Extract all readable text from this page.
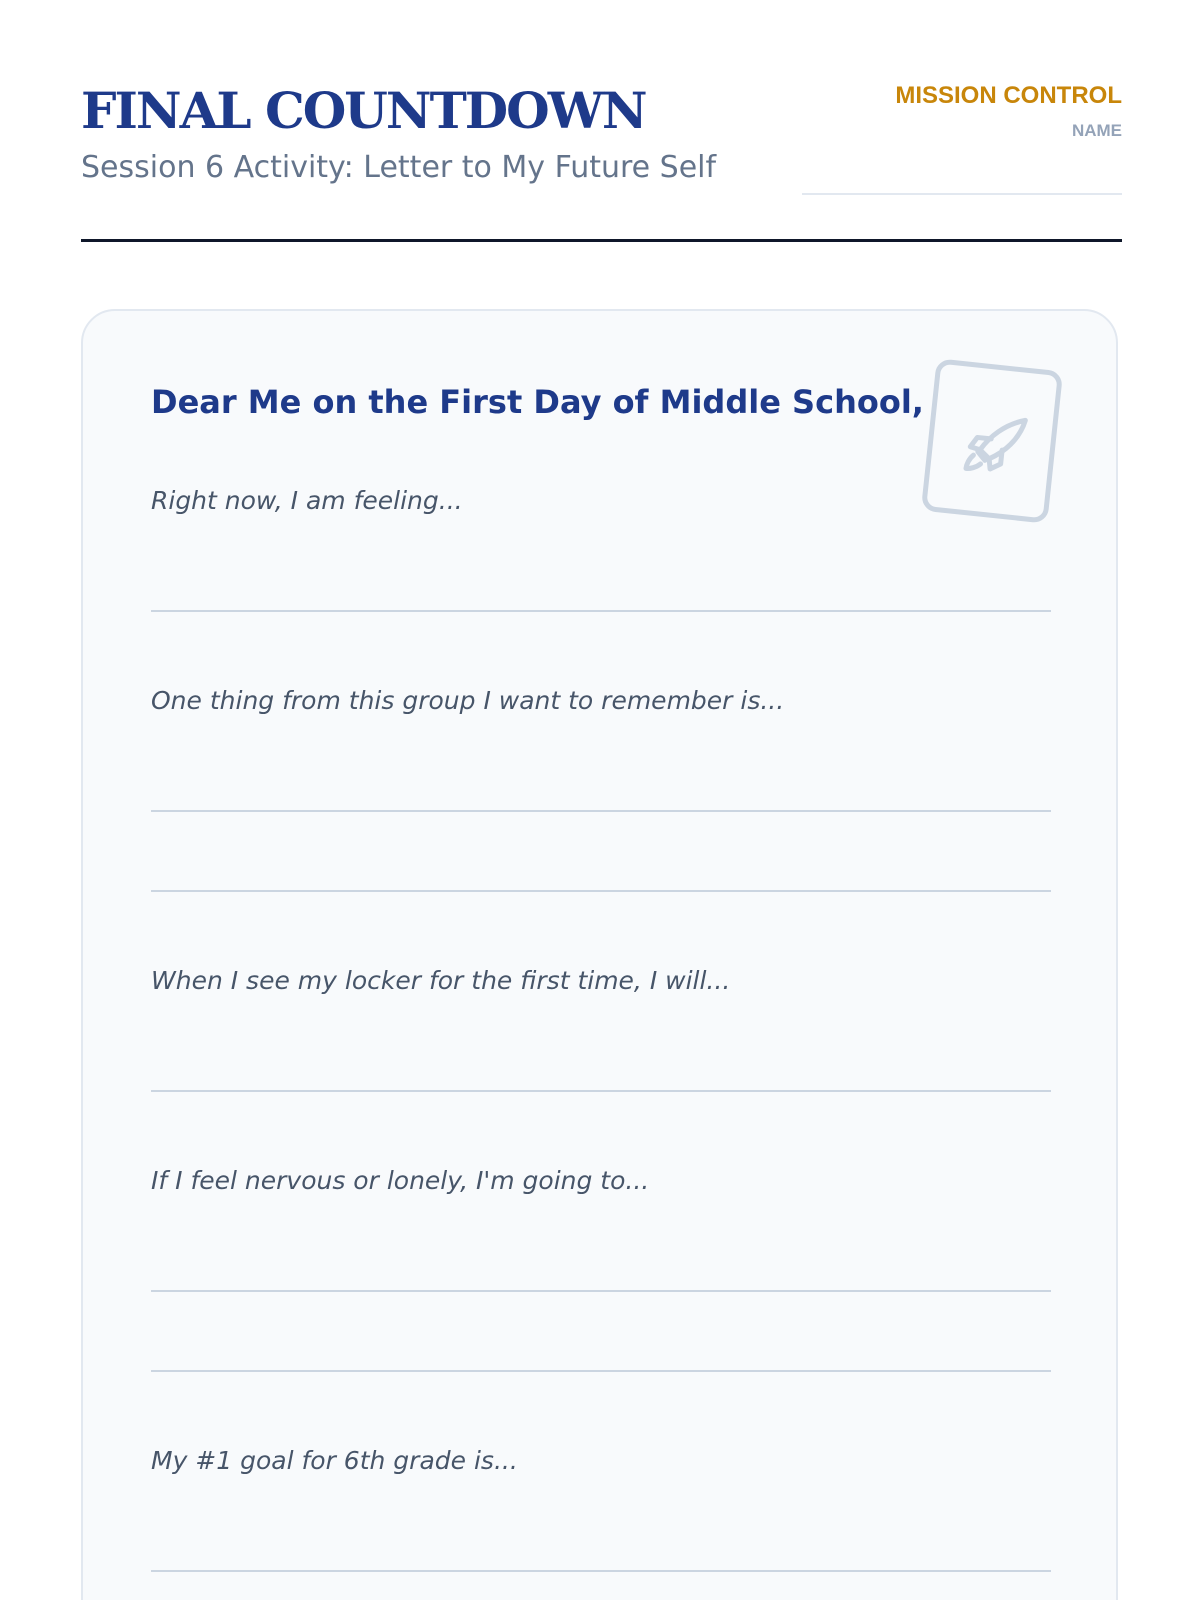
FINAL COUNTDOWN

Session 6 Activity: Letter to My Future Self

MISSION CONTROL
NAME
Dear Me on the First Day of Middle School,

Right now, I am feeling...

One thing from this group I want to remember is...

When I see my locker for the first time, I will...

If I feel nervous or lonely, I'm going to...

My #1 goal for 6th grade is...
